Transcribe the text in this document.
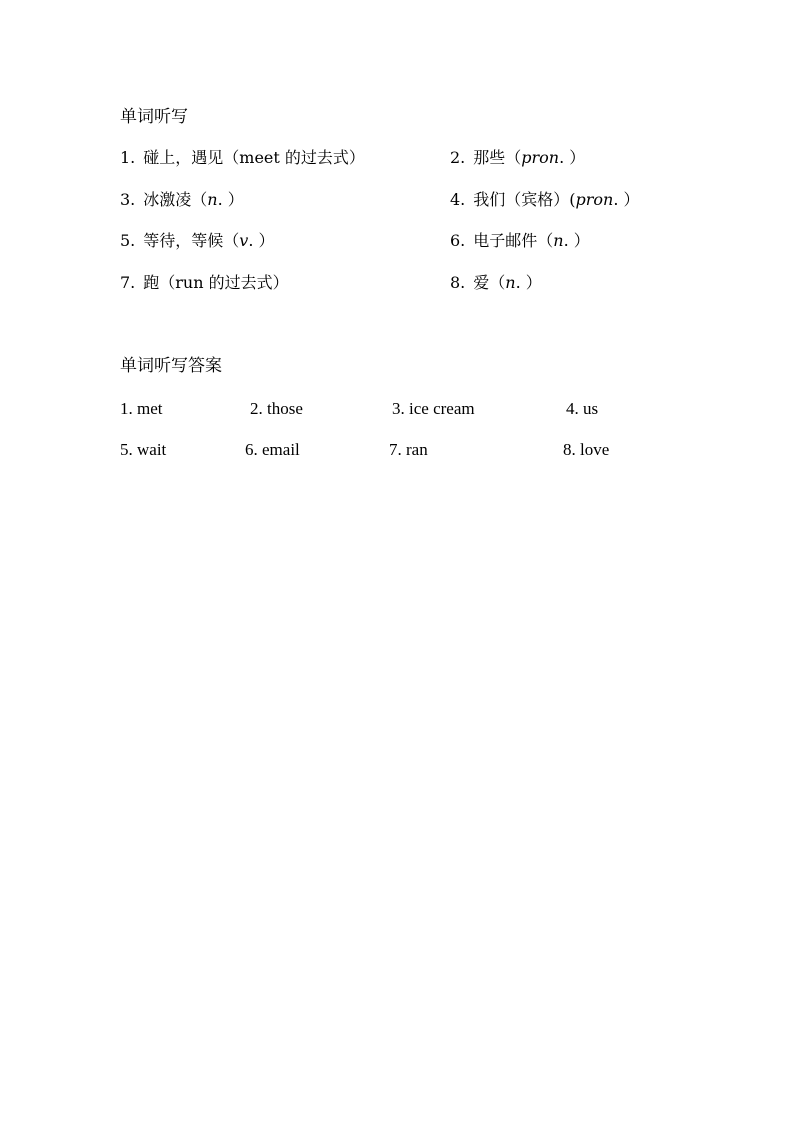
单词听写
1. 碰上，遇见（meet 的过去式）	2. 那些（pron. ）
3. 冰激凌（n. ）	4. 我们（宾格）(pron. ）
5. 等待，等候（v. ）	6. 电子邮件（n. ）
7. 跑（run 的过去式）	8. 爱（n. ）
单词听写答案
1. met	2. those	3. ice cream	4. us
5. wait	6. email	7. ran	8. love
